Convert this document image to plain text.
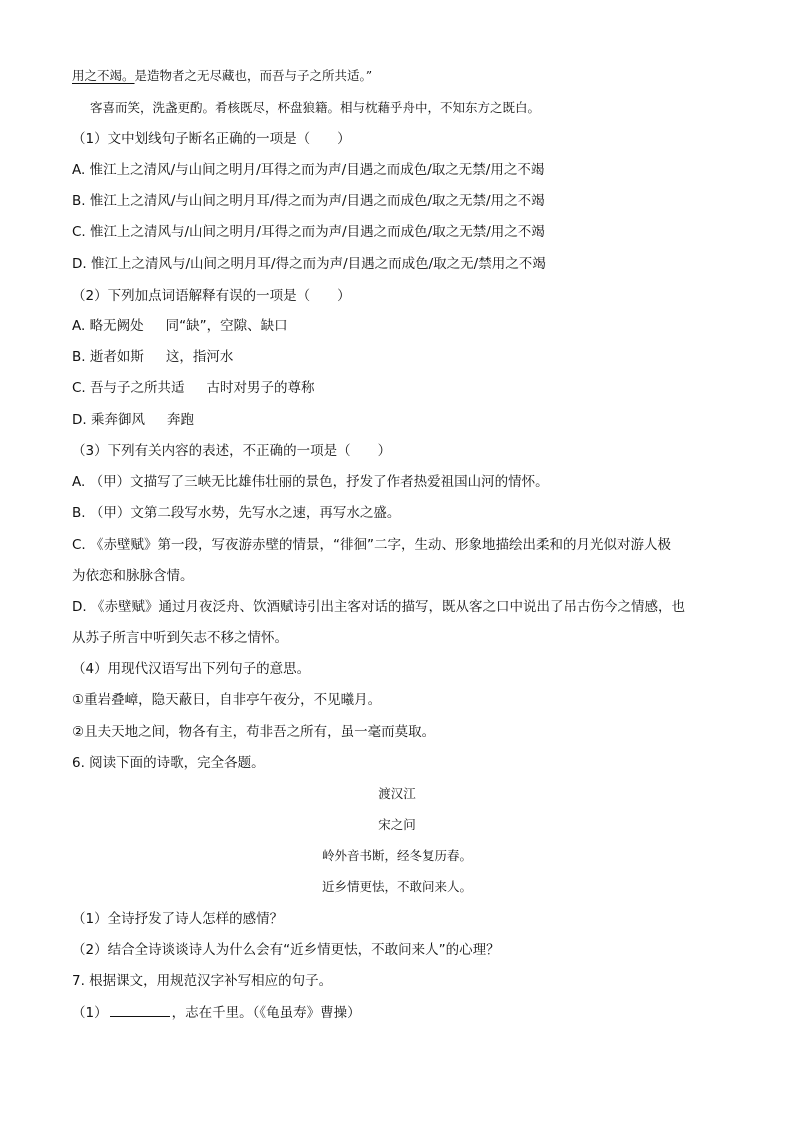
用之不竭。是造物者之无尽藏也，而吾与子之所共适。”
客喜而笑，洗盏更酌。肴核既尽，杯盘狼籍。相与枕藉乎舟中，不知东方之既白。
（1）文中划线句子断名正确的一项是（　　）
A. 惟江上之清风/与山间之明月/耳得之而为声/目遇之而成色/取之无禁/用之不竭
B. 惟江上之清风/与山间之明月耳/得之而为声/目遇之而成色/取之无禁/用之不竭
C. 惟江上之清风与/山间之明月/耳得之而为声/目遇之而成色/取之无禁/用之不竭
D. 惟江上之清风与/山间之明月耳/得之而为声/目遇之而成色/取之无/禁用之不竭
（2）下列加点词语解释有误的一项是（　　）
A. 略无阙处 同“缺”，空隙、缺口
B. 逝者如斯 这，指河水
C. 吾与子之所共适 古时对男子的尊称
D. 乘奔御风 奔跑
（3）下列有关内容的表述，不正确的一项是（　　）
A. （甲）文描写了三峡无比雄伟壮丽的景色，抒发了作者热爱祖国山河的情怀。
B. （甲）文第二段写水势，先写水之速，再写水之盛。
C. 《赤壁赋》第一段，写夜游赤壁的情景，“徘徊”二字，生动、形象地描绘出柔和的月光似对游人极
为依恋和脉脉含情。
D. 《赤壁赋》通过月夜泛舟、饮酒赋诗引出主客对话的描写，既从客之口中说出了吊古伤今之情感，也
从苏子所言中听到矢志不移之情怀。
（4）用现代汉语写出下列句子的意思。
①重岩叠嶂，隐天蔽日，自非亭午夜分，不见曦月。
②且夫天地之间，物各有主，苟非吾之所有，虽一毫而莫取。
6. 阅读下面的诗歌，完全各题。
渡汉江
宋之问
岭外音书断，经冬复历春。
近乡情更怯，不敢问来人。
（1）全诗抒发了诗人怎样的感情？
（2）结合全诗谈谈诗人为什么会有“近乡情更怯，不敢问来人”的心理？
7. 根据课文，用规范汉字补写相应的句子。
（1）	，志在千里。（《龟虽寿》曹操）
